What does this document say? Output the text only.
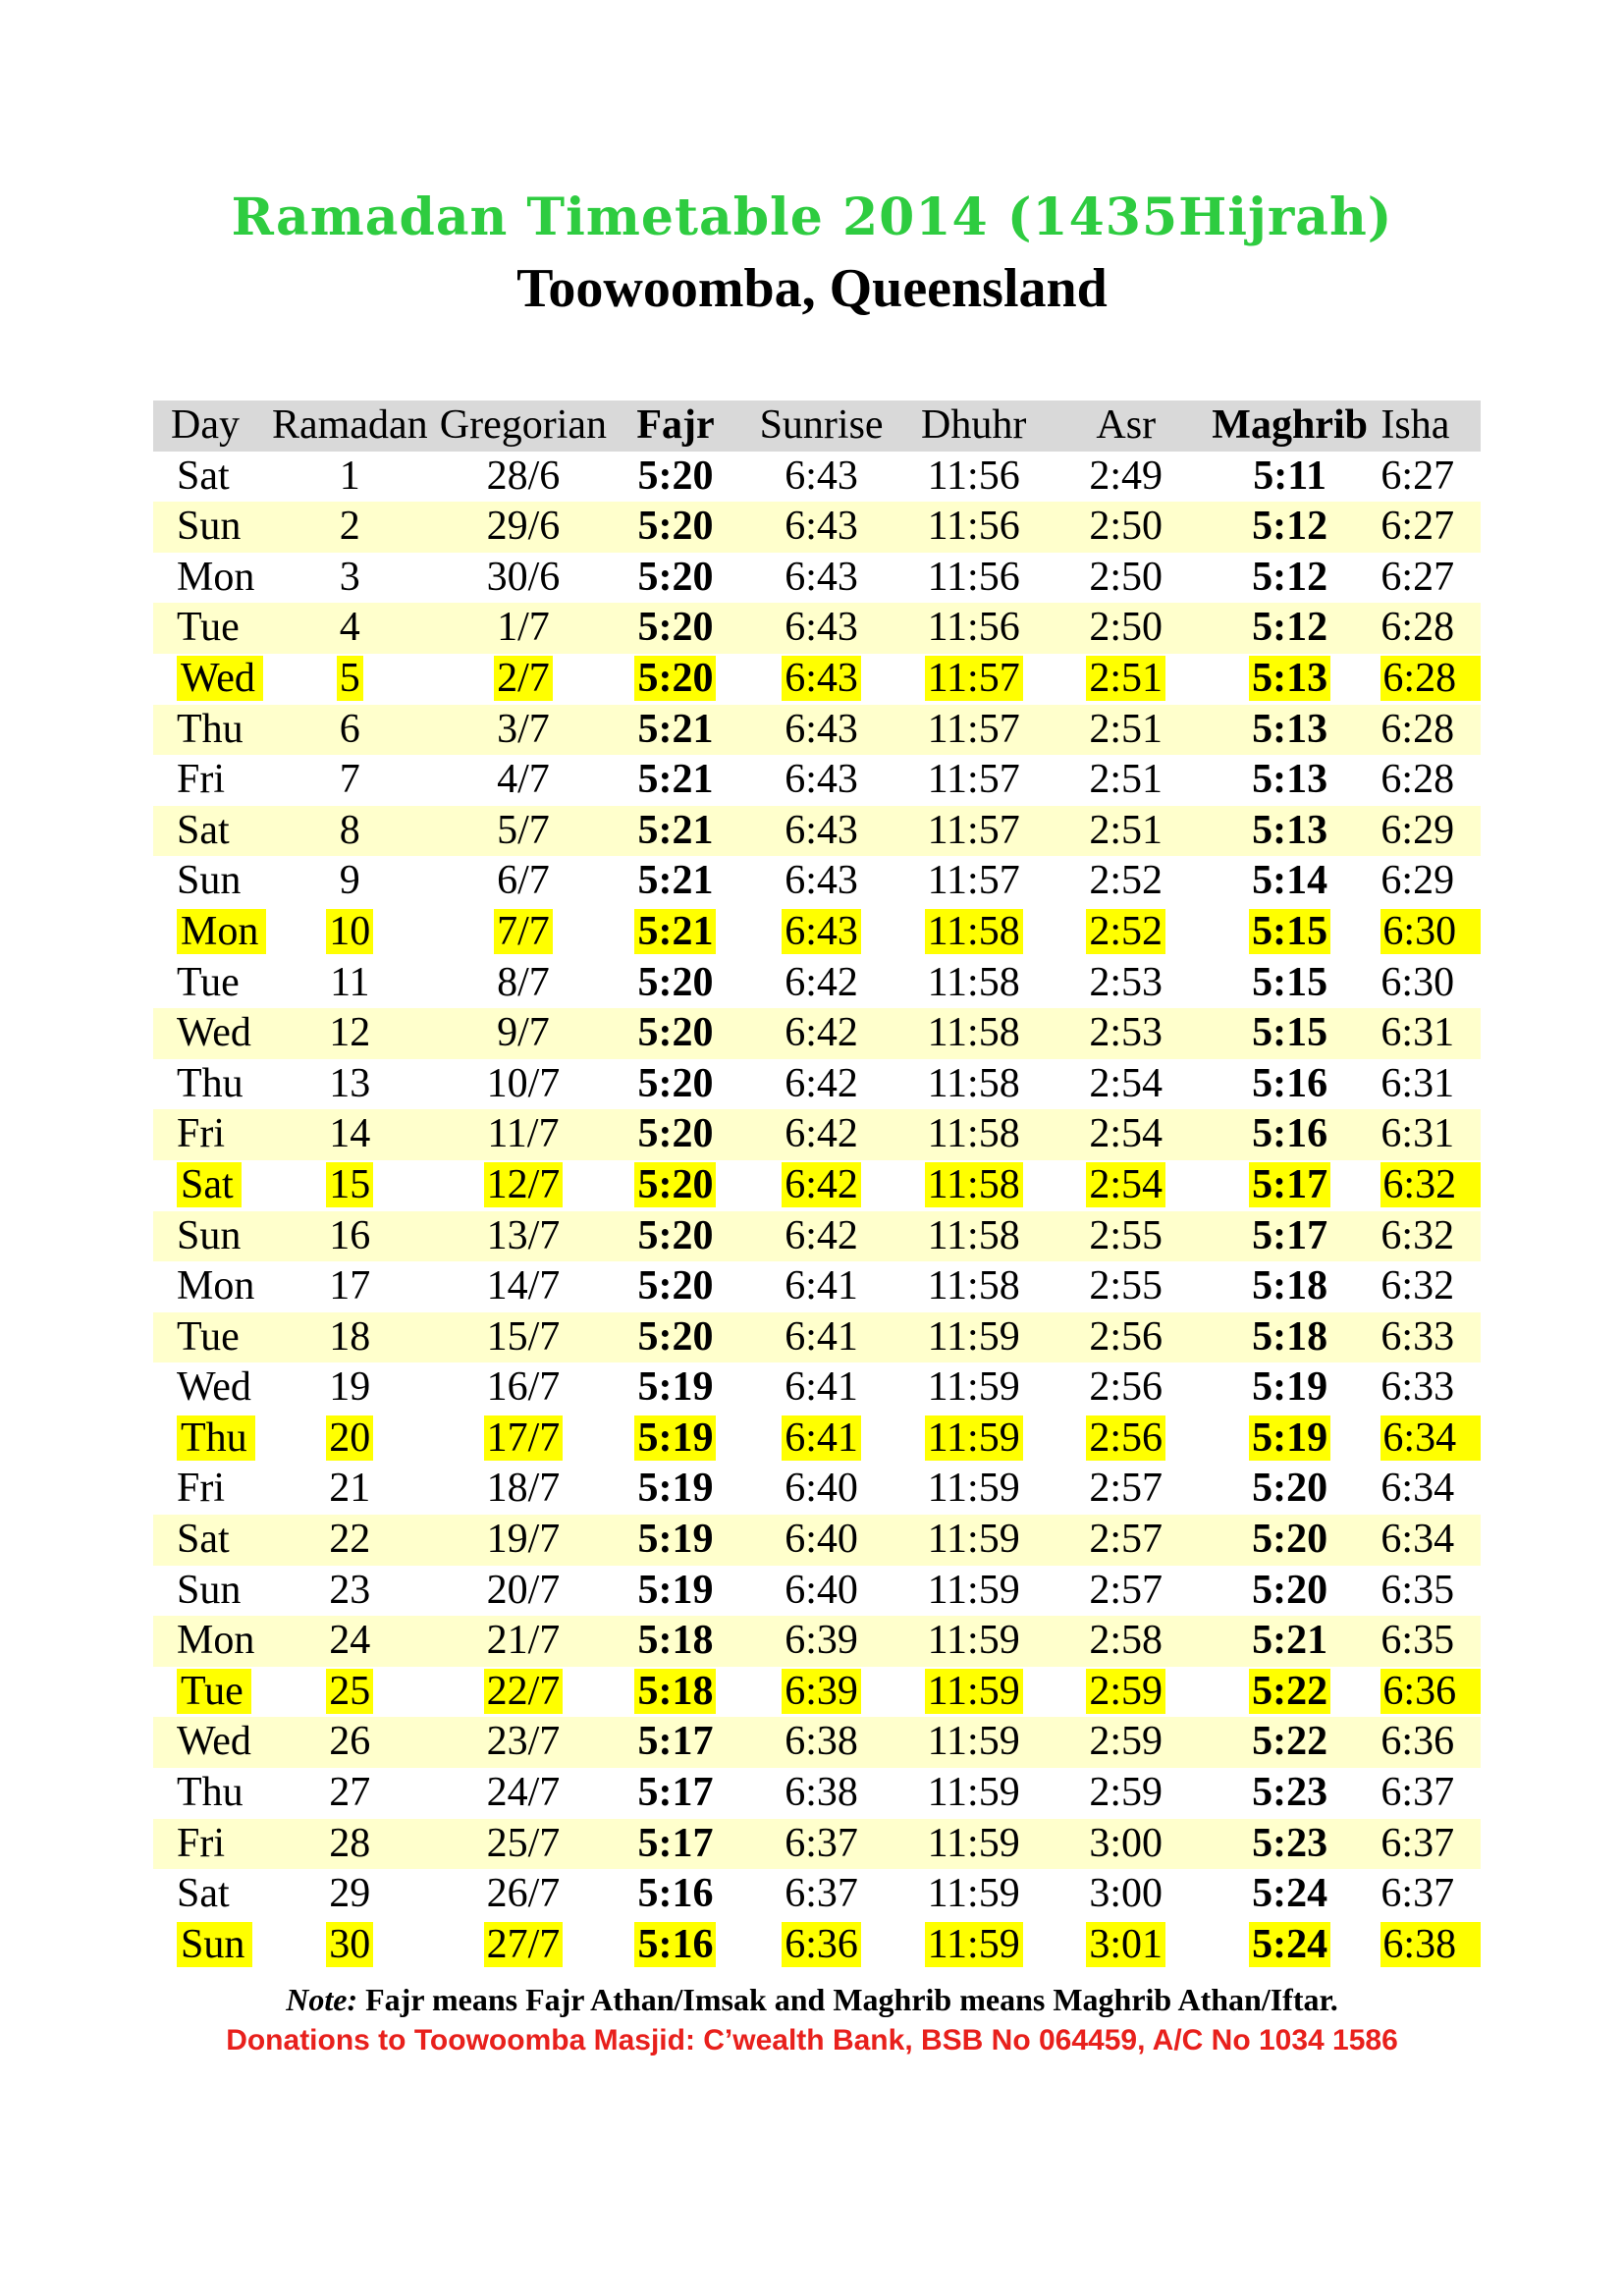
Ramadan Timetable 2014 (1435Hijrah)
Toowoomba, Queensland
Day	Ramadan	Gregorian	Fajr	Sunrise	Dhuhr	Asr	Maghrib	Isha
Sat	1	28/6	5:20	6:43	11:56	2:49	5:11	6:27
Sun	2	29/6	5:20	6:43	11:56	2:50	5:12	6:27
Mon	3	30/6	5:20	6:43	11:56	2:50	5:12	6:27
Tue	4	1/7	5:20	6:43	11:56	2:50	5:12	6:28
Wed	5	2/7	5:20	6:43	11:57	2:51	5:13	6:28
Thu	6	3/7	5:21	6:43	11:57	2:51	5:13	6:28
Fri	7	4/7	5:21	6:43	11:57	2:51	5:13	6:28
Sat	8	5/7	5:21	6:43	11:57	2:51	5:13	6:29
Sun	9	6/7	5:21	6:43	11:57	2:52	5:14	6:29
Mon	10	7/7	5:21	6:43	11:58	2:52	5:15	6:30
Tue	11	8/7	5:20	6:42	11:58	2:53	5:15	6:30
Wed	12	9/7	5:20	6:42	11:58	2:53	5:15	6:31
Thu	13	10/7	5:20	6:42	11:58	2:54	5:16	6:31
Fri	14	11/7	5:20	6:42	11:58	2:54	5:16	6:31
Sat	15	12/7	5:20	6:42	11:58	2:54	5:17	6:32
Sun	16	13/7	5:20	6:42	11:58	2:55	5:17	6:32
Mon	17	14/7	5:20	6:41	11:58	2:55	5:18	6:32
Tue	18	15/7	5:20	6:41	11:59	2:56	5:18	6:33
Wed	19	16/7	5:19	6:41	11:59	2:56	5:19	6:33
Thu	20	17/7	5:19	6:41	11:59	2:56	5:19	6:34
Fri	21	18/7	5:19	6:40	11:59	2:57	5:20	6:34
Sat	22	19/7	5:19	6:40	11:59	2:57	5:20	6:34
Sun	23	20/7	5:19	6:40	11:59	2:57	5:20	6:35
Mon	24	21/7	5:18	6:39	11:59	2:58	5:21	6:35
Tue	25	22/7	5:18	6:39	11:59	2:59	5:22	6:36
Wed	26	23/7	5:17	6:38	11:59	2:59	5:22	6:36
Thu	27	24/7	5:17	6:38	11:59	2:59	5:23	6:37
Fri	28	25/7	5:17	6:37	11:59	3:00	5:23	6:37
Sat	29	26/7	5:16	6:37	11:59	3:00	5:24	6:37
Sun	30	27/7	5:16	6:36	11:59	3:01	5:24	6:38
Note: Fajr means Fajr Athan/Imsak and Maghrib means Maghrib Athan/Iftar.
Donations to Toowoomba Masjid: C’wealth Bank, BSB No 064459, A/C No 1034 1586
